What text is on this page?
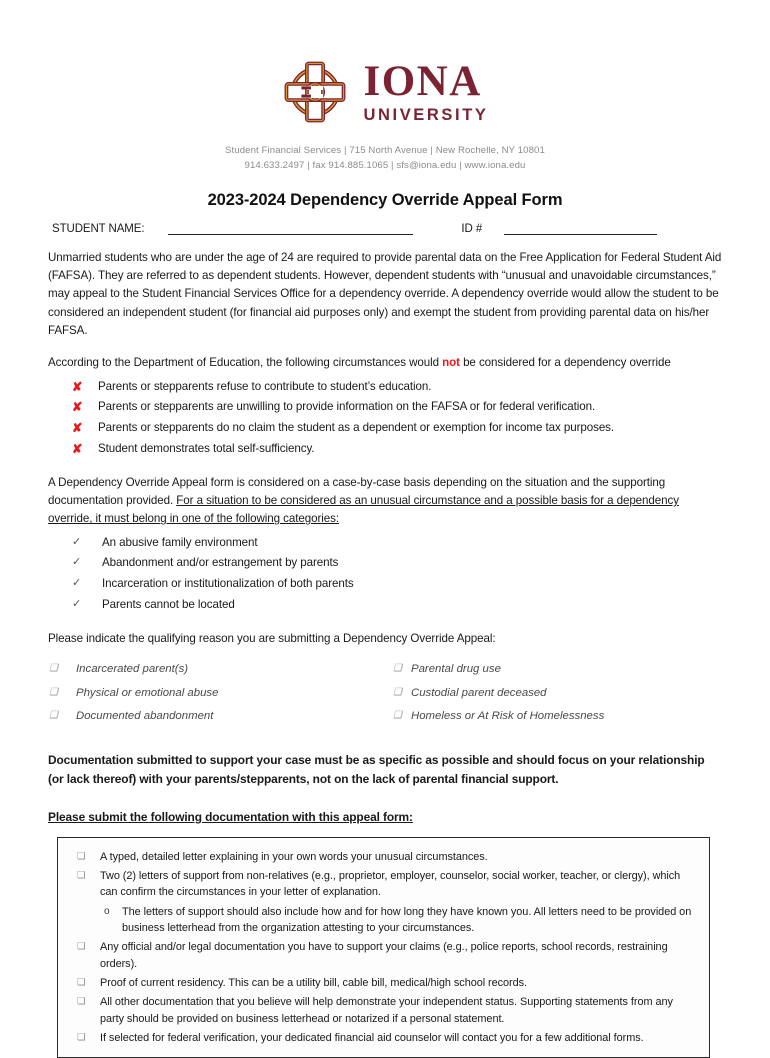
IONA
UNIVERSITY
Student Financial Services | 715 North Avenue | New Rochelle, NY 10801
914.633.2497 | fax 914.885.1065 | sfs@iona.edu | www.iona.edu
2023-2024 Dependency Override Appeal Form
STUDENT NAME:	ID #

Unmarried students who are under the age of 24 are required to provide parental data on the Free Application for Federal Student Aid (FAFSA). They are referred to as dependent students. However, dependent students with “unusual and unavoidable circumstances,” may appeal to the Student Financial Services Office for a dependency override. A dependency override would allow the student to be considered an independent student (for financial aid purposes only) and exempt the student from providing parental data on his/her FAFSA.

According to the Department of Education, the following circumstances would not be considered for a dependency override

✘	Parents or stepparents refuse to contribute to student’s education.
✘	Parents or stepparents are unwilling to provide information on the FAFSA or for federal verification.
✘	Parents or stepparents do no claim the student as a dependent or exemption for income tax purposes.
✘	Student demonstrates total self-sufficiency.

A Dependency Override Appeal form is considered on a case-by-case basis depending on the situation and the supporting documentation provided. For a situation to be considered as an unusual circumstance and a possible basis for a dependency override, it must belong in one of the following categories:

✓	An abusive family environment
✓	Abandonment and/or estrangement by parents
✓	Incarceration or institutionalization of both parents
✓	Parents cannot be located

Please indicate the qualifying reason you are submitting a Dependency Override Appeal:

❏	Incarcerated parent(s)	❏ Parental drug use
❏	Physical or emotional abuse	❏ Custodial parent deceased
❏	Documented abandonment	❏ Homeless or At Risk of Homelessness

Documentation submitted to support your case must be as specific as possible and should focus on your relationship (or lack thereof) with your parents/stepparents, not on the lack of parental financial support.

Please submit the following documentation with this appeal form:

❏	A typed, detailed letter explaining in your own words your unusual circumstances.
❏	Two (2) letters of support from non-relatives (e.g., proprietor, employer, counselor, social worker, teacher, or clergy), which can confirm the circumstances in your letter of explanation.
o	The letters of support should also include how and for how long they have known you. All letters need to be provided on business letterhead from the organization attesting to your circumstances.
❏	Any official and/or legal documentation you have to support your claims (e.g., police reports, school records, restraining orders).
❏	Proof of current residency. This can be a utility bill, cable bill, medical/high school records.
❏	All other documentation that you believe will help demonstrate your independent status. Supporting statements from any party should be provided on business letterhead or notarized if a personal statement.
❏	If selected for federal verification, your dedicated financial aid counselor will contact you for a few additional forms.
